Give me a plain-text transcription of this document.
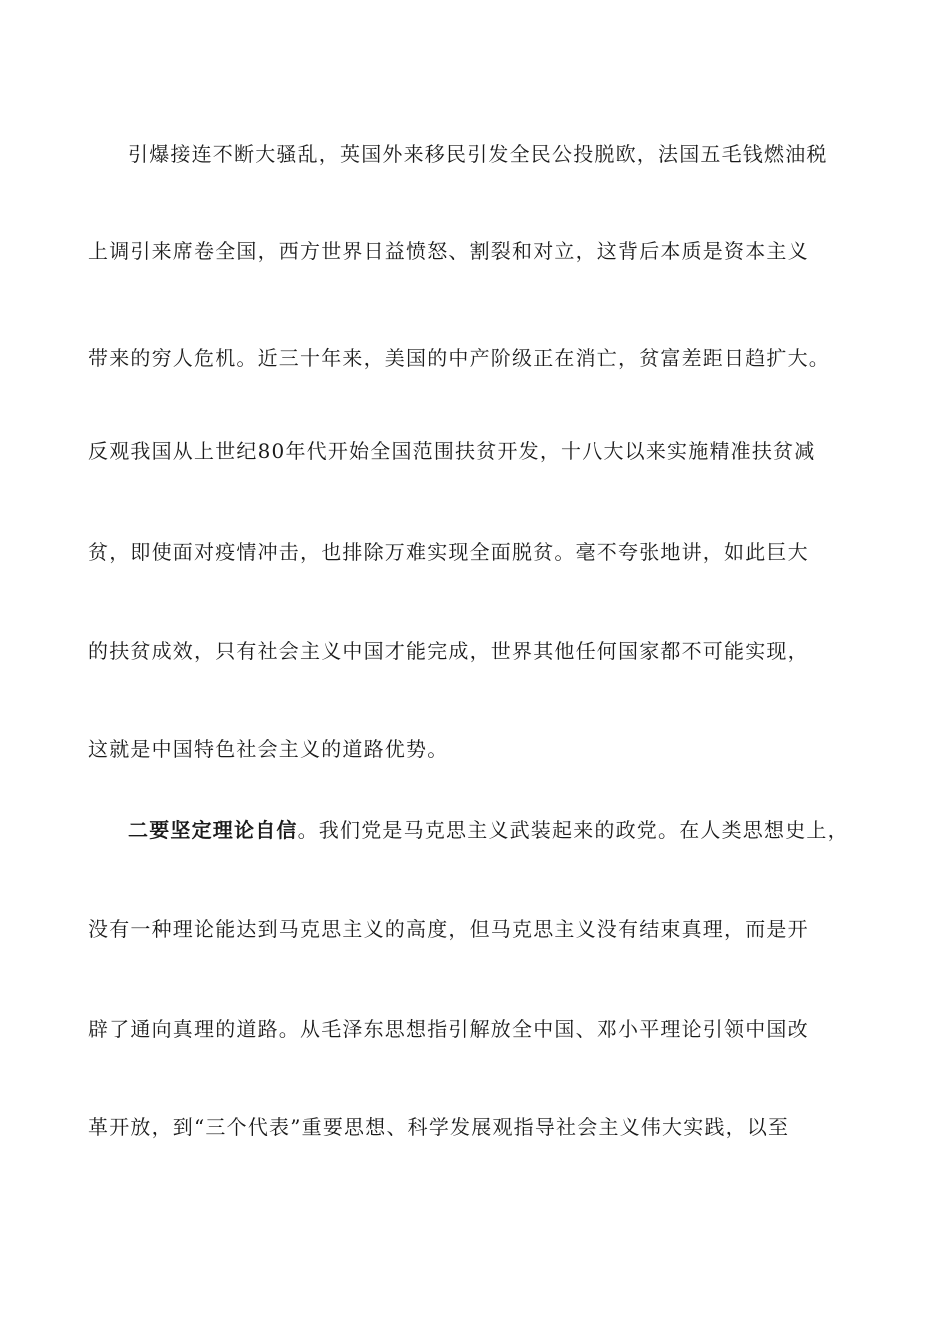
引爆接连不断大骚乱，英国外来移民引发全民公投脱欧，法国五毛钱燃油税
上调引来席卷全国，西方世界日益愤怒、割裂和对立，这背后本质是资本主义
带来的穷人危机。近三十年来，美国的中产阶级正在消亡，贫富差距日趋扩大。
反观我国从上世纪80年代开始全国范围扶贫开发，十八大以来实施精准扶贫减
贫，即使面对疫情冲击，也排除万难实现全面脱贫。毫不夸张地讲，如此巨大
的扶贫成效，只有社会主义中国才能完成，世界其他任何国家都不可能实现，
这就是中国特色社会主义的道路优势。
二要坚定理论自信。我们党是马克思主义武装起来的政党。在人类思想史上，
没有一种理论能达到马克思主义的高度，但马克思主义没有结束真理，而是开
辟了通向真理的道路。从毛泽东思想指引解放全中国、邓小平理论引领中国改
革开放，到“三个代表”重要思想、科学发展观指导社会主义伟大实践，以至
